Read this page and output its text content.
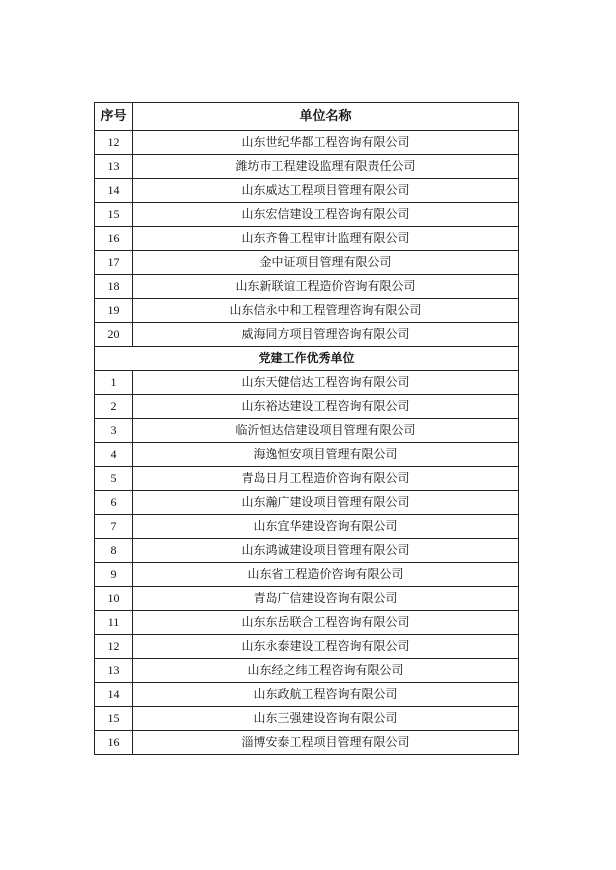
序号	单位名称
12	山东世纪华都工程咨询有限公司
13	潍坊市工程建设监理有限责任公司
14	山东威达工程项目管理有限公司
15	山东宏信建设工程咨询有限公司
16	山东齐鲁工程审计监理有限公司
17	金中证项目管理有限公司
18	山东新联谊工程造价咨询有限公司
19	山东信永中和工程管理咨询有限公司
20	威海同方项目管理咨询有限公司
党建工作优秀单位	
1	山东天健信达工程咨询有限公司
2	山东裕达建设工程咨询有限公司
3	临沂恒达信建设项目管理有限公司
4	海逸恒安项目管理有限公司
5	青岛日月工程造价咨询有限公司
6	山东瀚广建设项目管理有限公司
7	山东宜华建设咨询有限公司
8	山东鸿诚建设项目管理有限公司
9	山东省工程造价咨询有限公司
10	青岛广信建设咨询有限公司
11	山东东岳联合工程咨询有限公司
12	山东永泰建设工程咨询有限公司
13	山东经之纬工程咨询有限公司
14	山东政航工程咨询有限公司
15	山东三强建设咨询有限公司
16	淄博安泰工程项目管理有限公司
